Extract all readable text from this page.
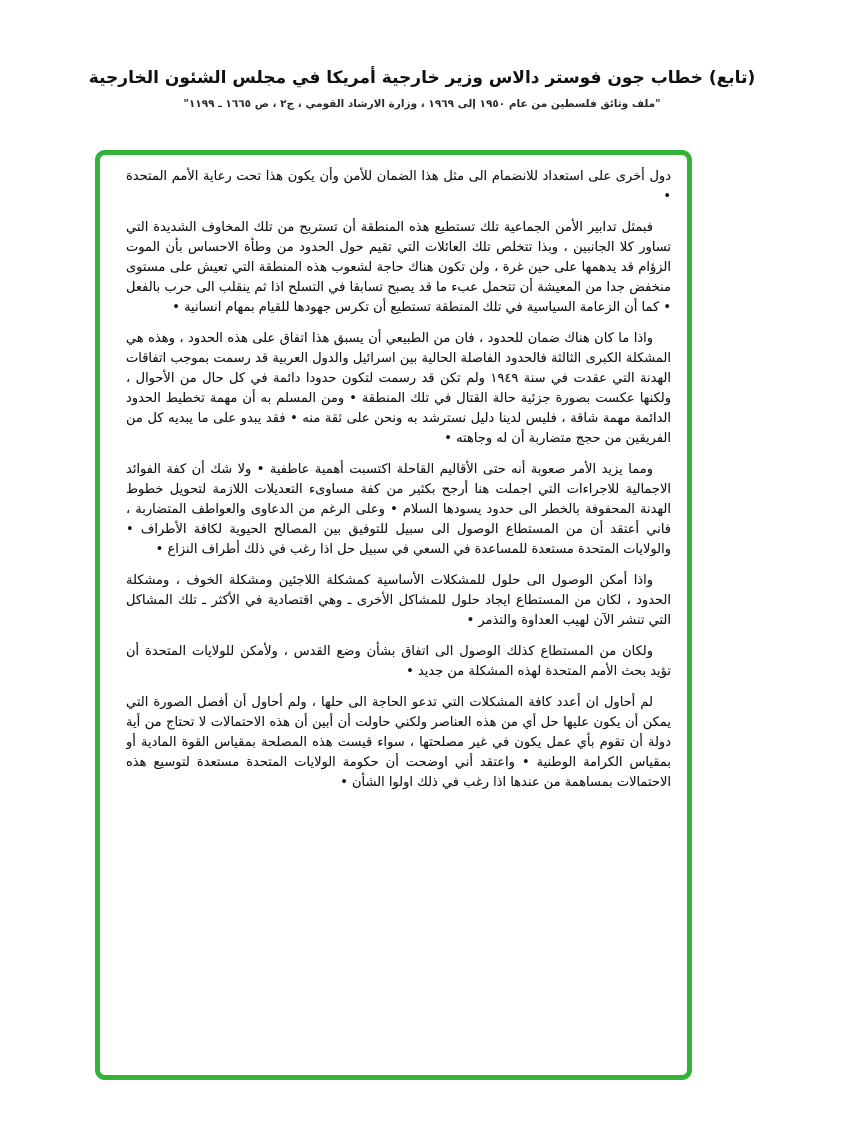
(تابع) خطاب جون فوستر دالاس وزير خارجية أمريكا في مجلس الشئون الخارجية

"ملف وثائق فلسطين من عام ١٩٥٠ إلى ١٩٦٩ ، وزارة الارشاد القومي ، ج٢ ، ص ١٦٦٥ ـ ١١٩٩"

دول أخرى على استعداد للانضمام الى مثل هذا الضمان للأمن وأن يكون هذا تحت رعاية الأمم المتحدة •

فبمثل تدابير الأمن الجماعية تلك تستطيع هذه المنطقة أن تستريح من تلك المخاوف الشديدة التي تساور كلا الجانبين ، وبذا تتخلص تلك العائلات التي تقيم حول الحدود من وطأة الاحساس بأن الموت الزؤام قد يدهمها على حين غرة ، ولن تكون هناك حاجة لشعوب هذه المنطقة التي تعيش على مستوى منخفض جدا من المعيشة أن تتحمل عبء ما قد يصبح تسابقا في التسلح اذا ثم ينقلب الى حرب بالفعل • كما أن الزعامة السياسية في تلك المنطقة تستطيع أن تكرس جهودها للقيام بمهام انسانية •

واذا ما كان هناك ضمان للحدود ، فان من الطبيعي أن يسبق هذا اتفاق على هذه الحدود ، وهذه هي المشكلة الكبرى الثالثة فالحدود الفاصلة الحالية بين اسرائيل والدول العربية قد رسمت بموجب اتفاقات الهدنة التي عقدت في سنة ١٩٤٩ ولم تكن قد رسمت لتكون حدودا دائمة في كل حال من الأحوال ، ولكنها عكست بصورة جزئية حالة القتال في تلك المنطقة • ومن المسلم به أن مهمة تخطيط الحدود الدائمة مهمة شاقة ، فليس لدينا دليل نسترشد به ونحن على ثقة منه • فقد يبدو على ما يبديه كل من الفريقين من حجج متضاربة أن له وجاهته •

ومما يزيد الأمر صعوبة أنه حتى الأقاليم القاحلة اكتسبت أهمية عاطفية • ولا شك أن كفة الفوائد الاجمالية للاجراءات التي اجملت هنا أرجح بكثير من كفة مساوىء التعديلات اللازمة لتحويل خطوط الهدنة المحفوفة بالخطر الى حدود يسودها السلام • وعلى الرغم من الدعاوى والعواطف المتضاربة ، فاني أعتقد أن من المستطاع الوصول الى سبيل للتوفيق بين المصالح الحيوية لكافة الأطراف • والولايات المتحدة مستعدة للمساعدة في السعي في سبيل حل اذا رغب في ذلك أطراف النزاع •

واذا أمكن الوصول الى حلول للمشكلات الأساسية كمشكلة اللاجئين ومشكلة الخوف ، ومشكلة الحدود ، لكان من المستطاع ايجاد حلول للمشاكل الأخرى ـ وهي اقتصادية في الأكثر ـ تلك المشاكل التي تنشر الآن لهيب العداوة والتذمر •

ولكان من المستطاع كذلك الوصول الى اتفاق بشأن وضع القدس ، ولأمكن للولايات المتحدة أن تؤيد بحث الأمم المتحدة لهذه المشكلة من جديد •

لم أحاول ان أعدد كافة المشكلات التي تدعو الحاجة الى حلها ، ولم أحاول أن أفصل الصورة التي يمكن أن يكون عليها حل أي من هذه العناصر ولكني حاولت أن أبين أن هذه الاحتمالات لا تحتاج من أية دولة أن تقوم بأي عمل يكون في غير مصلحتها ، سواء قيست هذه المصلحة بمقياس القوة المادية أو بمقياس الكرامة الوطنية • واعتقد أني اوضحت أن حكومة الولايات المتحدة مستعدة لتوسيع هذه الاحتمالات بمساهمة من عندها اذا رغب في ذلك اولوا الشأن •
